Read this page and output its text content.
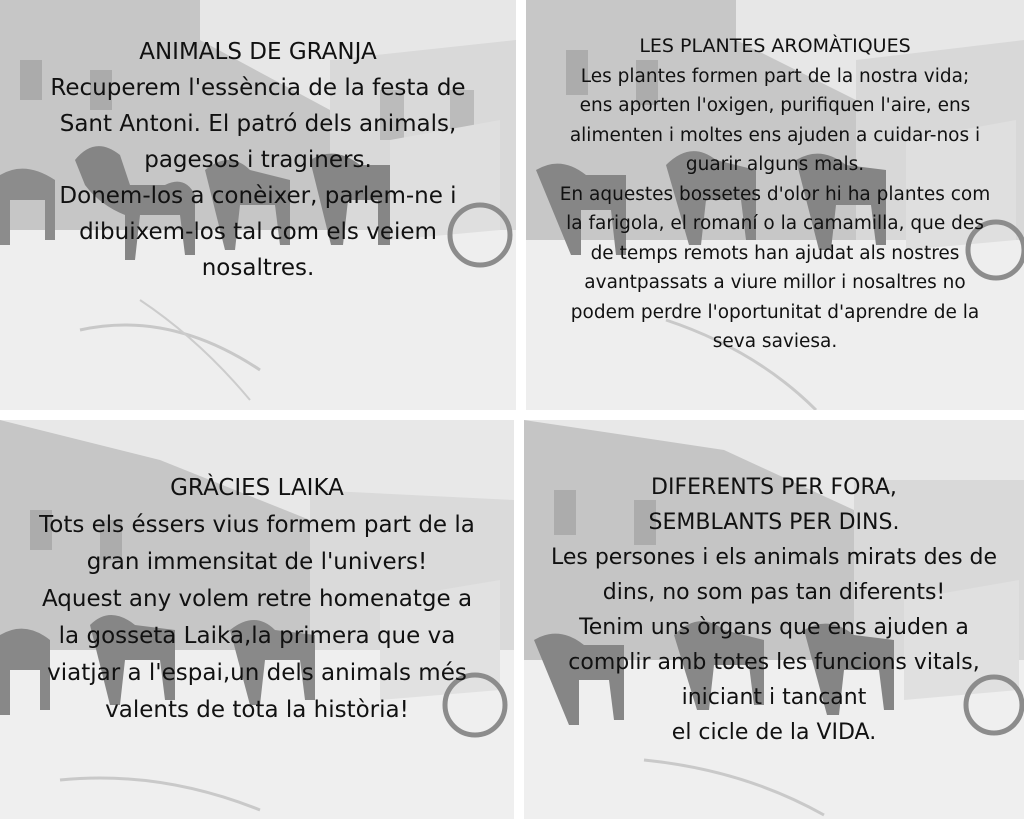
ANIMALS DE GRANJA
Recuperem l'essència de la festa de
Sant Antoni. El patró dels animals,
pagesos i traginers.
Donem-los a conèixer, parlem-ne i
dibuixem-los tal com els veiem
nosaltres.
LES PLANTES AROMÀTIQUES
Les plantes formen part de la nostra vida;
ens aporten l'oxigen, purifiquen l'aire, ens
alimenten i moltes ens ajuden a cuidar-nos i
guarir alguns mals.
En aquestes bossetes d'olor hi ha plantes com
la farigola, el romaní o la camamilla, que des
de temps remots han ajudat als nostres
avantpassats a viure millor i nosaltres no
podem perdre l'oportunitat d'aprendre de la
seva saviesa.
GRÀCIES LAIKA
Tots els éssers vius formem part de la
gran immensitat de l'univers!
Aquest any volem retre homenatge a
la gosseta Laika,la primera que va
viatjar a l'espai,un dels animals més
valents de tota la història!
DIFERENTS PER FORA,
SEMBLANTS PER DINS.
Les persones i els animals mirats des de
dins, no som pas tan diferents!
Tenim uns òrgans que ens ajuden a
complir amb totes les funcions vitals,
iniciant i tancant
el cicle de la VIDA.
